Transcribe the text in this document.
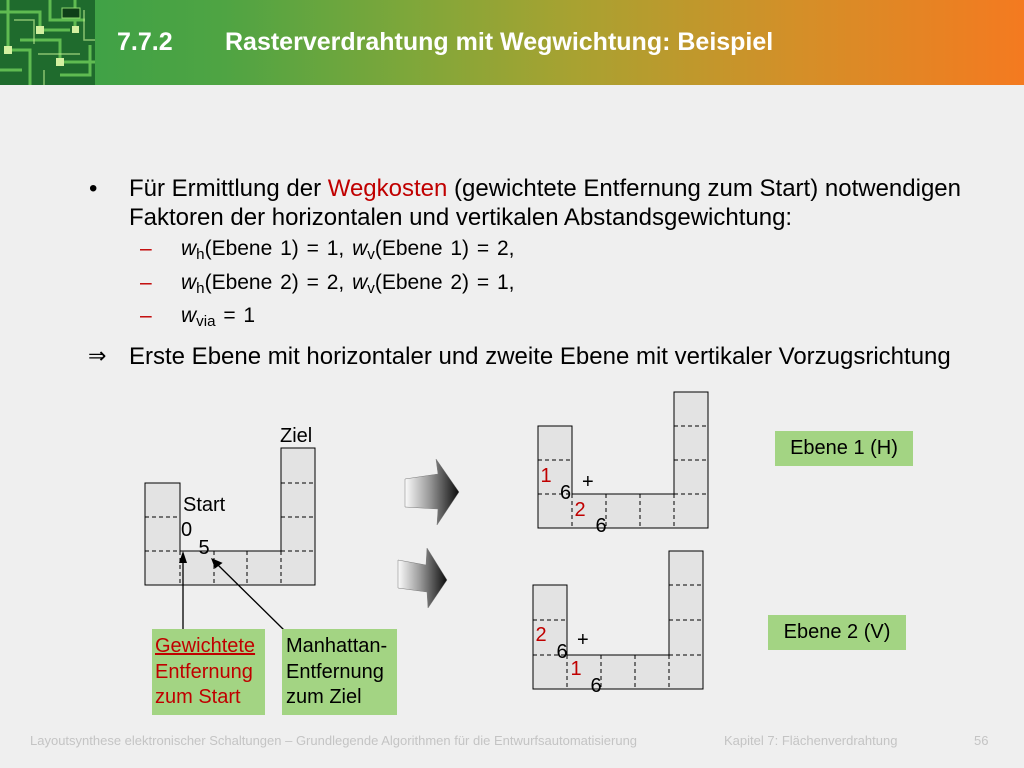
7.7.2 Rasterverdrahtung mit Wegwichtung: Beispiel
Ziel
Start
0
5
1 +
6
2
6
2 +
6
1
6
• Für Ermittlung der Wegkosten (gewichtete Entfernung zum Start) notwendigen
Faktoren der horizontalen und vertikalen Abstandsgewichtung:
– $w_h(Ebene$ 1) = 1, $w_v(Ebene$ 1) = 2,
– $w_h(Ebene$ 2) = 2, $w_v(Ebene$ 2) = 1,
– $w_{via} = 1$
⇒ Erste Ebene mit horizontaler und zweite Ebene mit vertikaler Vorzugsrichtung
Gewichtete
Entfernung
zum Start
Manhattan-
Entfernung
zum Ziel
Ebene 1 (H)
Ebene 2 (V)
Layoutsynthese elektronischer Schaltungen – Grundlegende Algorithmen für die Entwurfsautomatisierung	Kapitel 7: Flächenverdrahtung	56
